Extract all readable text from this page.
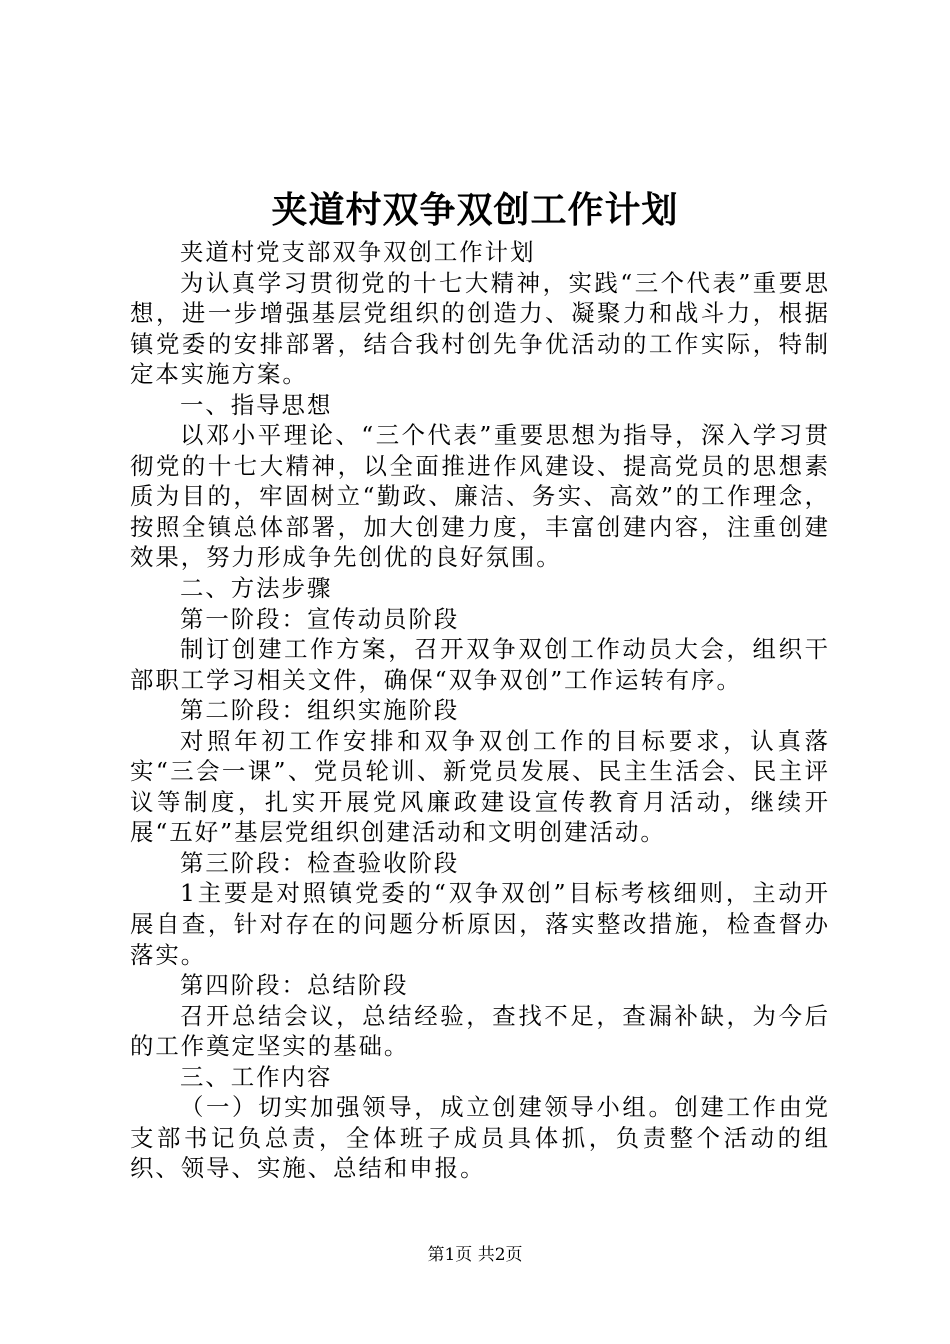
夹道村双争双创工作计划

夹道村党支部双争双创工作计划

为认真学习贯彻党的十七大精神，实践“三个代表”重要思想，进一步增强基层党组织的创造力、凝聚力和战斗力，根据镇党委的安排部署，结合我村创先争优活动的工作实际，特制定本实施方案。

一、指导思想

以邓小平理论、“三个代表”重要思想为指导，深入学习贯彻党的十七大精神，以全面推进作风建设、提高党员的思想素质为目的，牢固树立“勤政、廉洁、务实、高效”的工作理念，按照全镇总体部署，加大创建力度，丰富创建内容，注重创建效果，努力形成争先创优的良好氛围。

二、方法步骤

第一阶段：宣传动员阶段

制订创建工作方案，召开双争双创工作动员大会，组织干部职工学习相关文件，确保“双争双创”工作运转有序。

第二阶段：组织实施阶段

对照年初工作安排和双争双创工作的目标要求，认真落实“三会一课”、党员轮训、新党员发展、民主生活会、民主评议等制度，扎实开展党风廉政建设宣传教育月活动，继续开展“五好”基层党组织创建活动和文明创建活动。

第三阶段：检查验收阶段

1主要是对照镇党委的“双争双创”目标考核细则，主动开展自查，针对存在的问题分析原因，落实整改措施，检查督办落实。

第四阶段：总结阶段

召开总结会议，总结经验，查找不足，查漏补缺，为今后的工作奠定坚实的基础。

三、工作内容

（一）切实加强领导，成立创建领导小组。创建工作由党支部书记负总责，全体班子成员具体抓，负责整个活动的组织、领导、实施、总结和申报。

第1页 共2页
